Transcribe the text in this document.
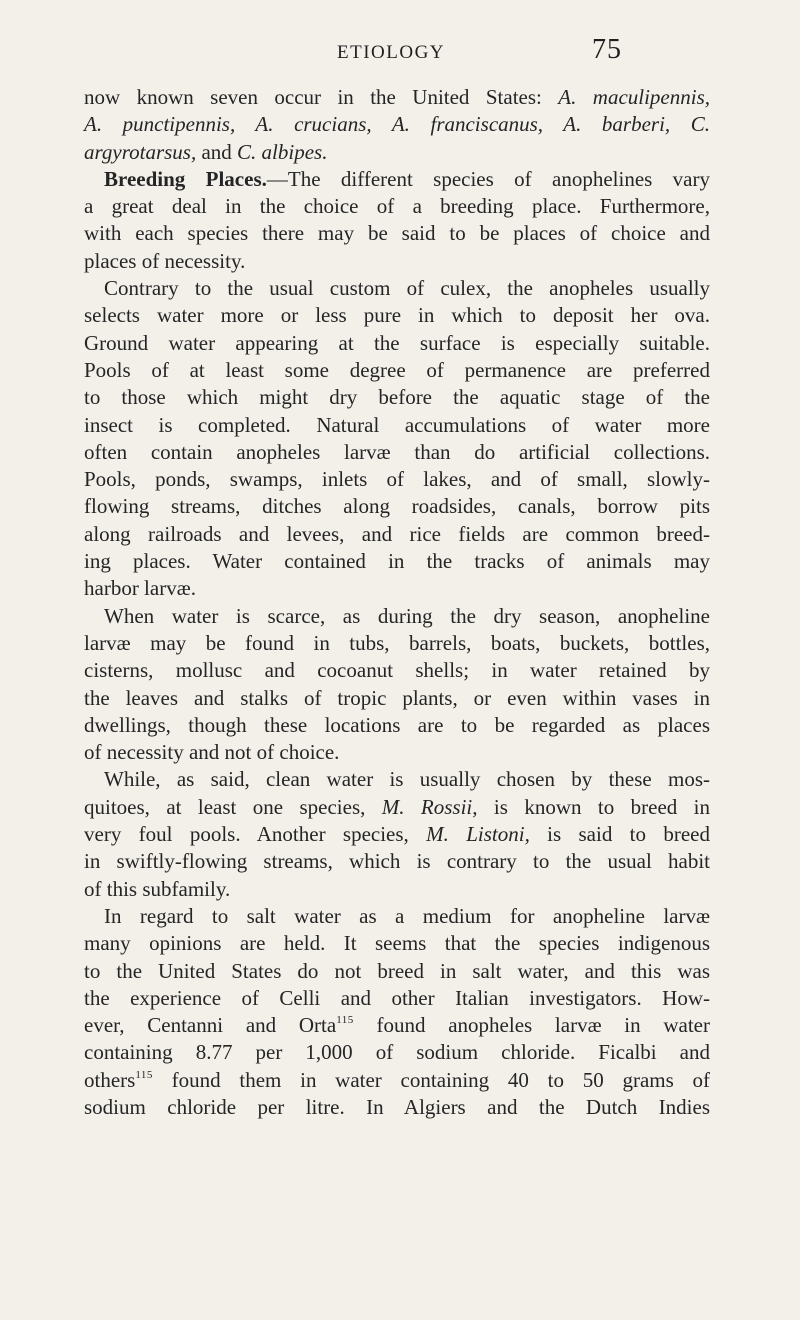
ETIOLOGY	75
now known seven occur in the United States: A. maculipennis,
A. punctipennis, A. crucians, A. franciscanus, A. barberi, C.
argyrotarsus, and C. albipes.
Breeding Places.—The different species of anophelines vary
a great deal in the choice of a breeding place. Furthermore,
with each species there may be said to be places of choice and
places of necessity.
Contrary to the usual custom of culex, the anopheles usually
selects water more or less pure in which to deposit her ova.
Ground water appearing at the surface is especially suitable.
Pools of at least some degree of permanence are preferred
to those which might dry before the aquatic stage of the
insect is completed. Natural accumulations of water more
often contain anopheles larvæ than do artificial collections.
Pools, ponds, swamps, inlets of lakes, and of small, slowly-
flowing streams, ditches along roadsides, canals, borrow pits
along railroads and levees, and rice fields are common breed-
ing places. Water contained in the tracks of animals may
harbor larvæ.
When water is scarce, as during the dry season, anopheline
larvæ may be found in tubs, barrels, boats, buckets, bottles,
cisterns, mollusc and cocoanut shells; in water retained by
the leaves and stalks of tropic plants, or even within vases in
dwellings, though these locations are to be regarded as places
of necessity and not of choice.
While, as said, clean water is usually chosen by these mos-
quitoes, at least one species, M. Rossii, is known to breed in
very foul pools. Another species, M. Listoni, is said to breed
in swiftly-flowing streams, which is contrary to the usual habit
of this subfamily.
In regard to salt water as a medium for anopheline larvæ
many opinions are held. It seems that the species indigenous
to the United States do not breed in salt water, and this was
the experience of Celli and other Italian investigators. How-
ever, Centanni and Orta$^{115}$ found anopheles larvæ in water
containing 8.77 per 1,000 of sodium chloride. Ficalbi and
others$^{115}$ found them in water containing 40 to 50 grams of
sodium chloride per litre. In Algiers and the Dutch Indies
